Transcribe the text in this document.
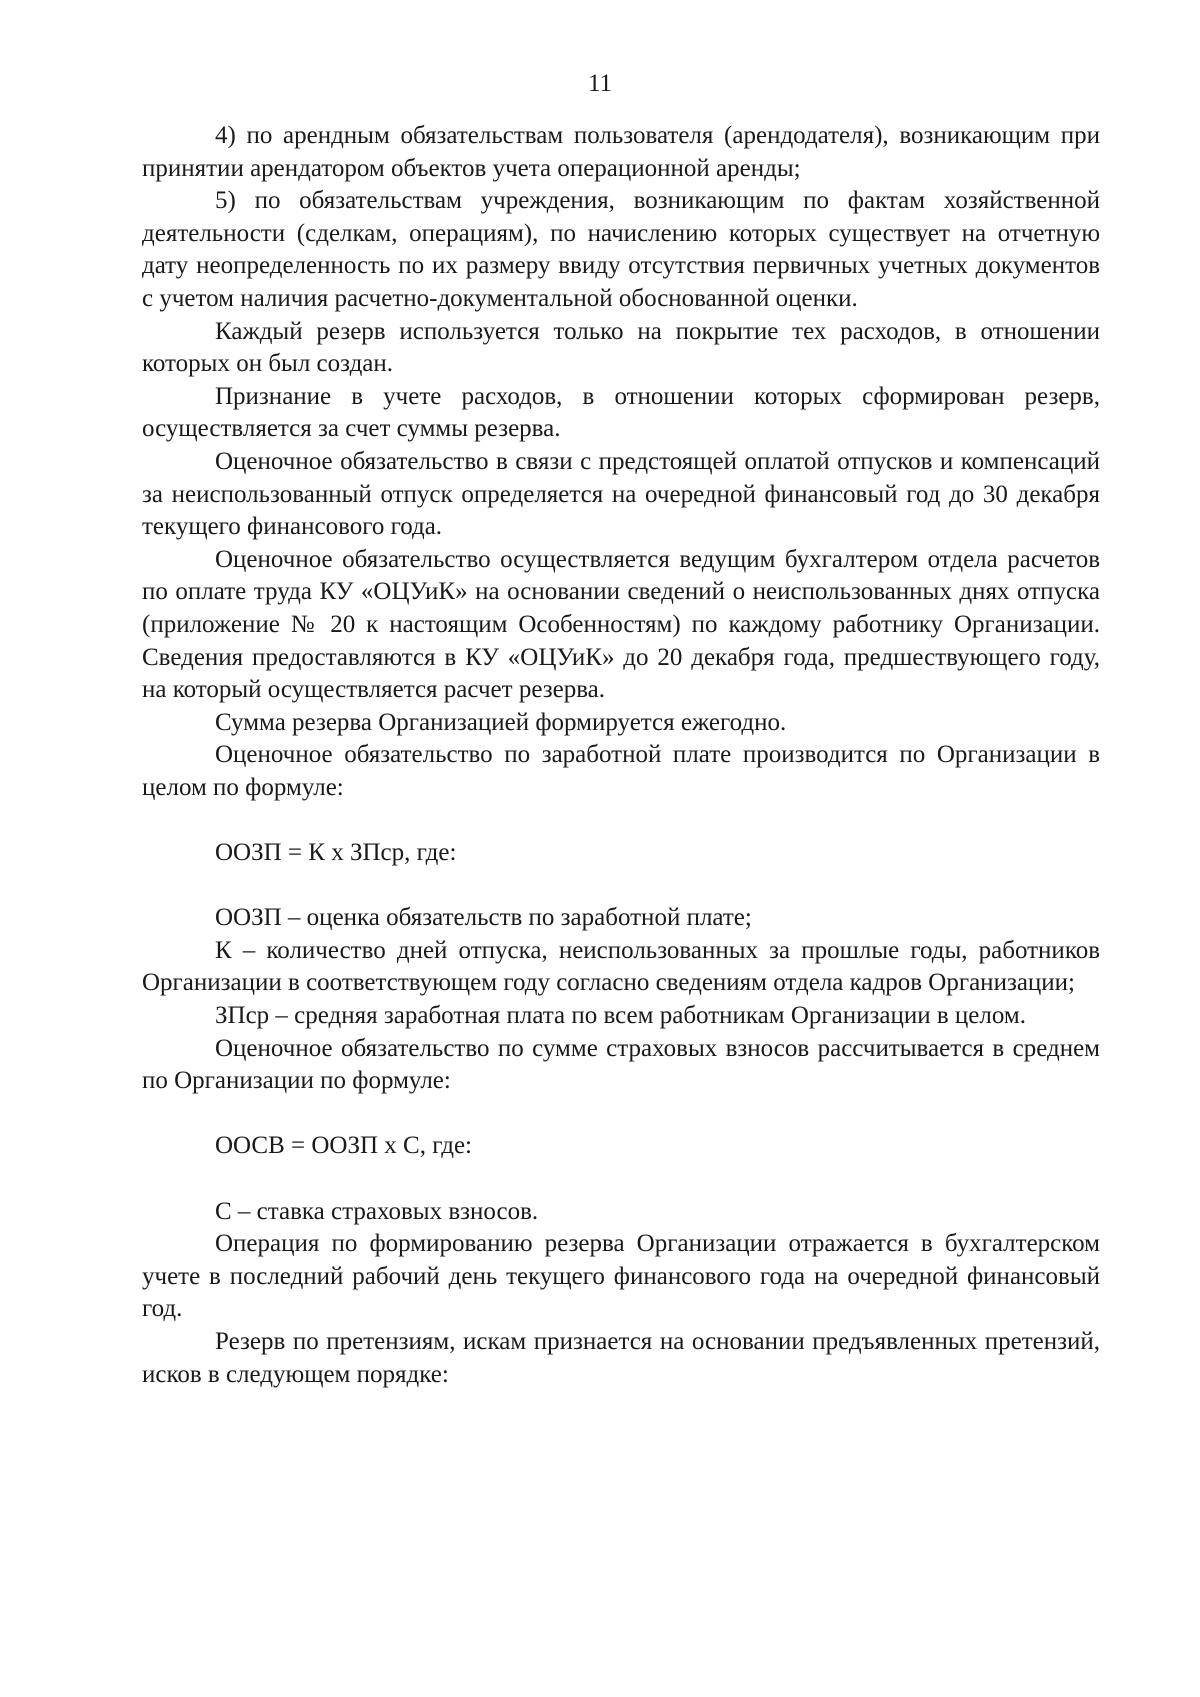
11

4) по арендным обязательствам пользователя (арендодателя), возникающим при принятии арендатором объектов учета операционной аренды;

5) по обязательствам учреждения, возникающим по фактам хозяйственной деятельности (сделкам, операциям), по начислению которых существует на отчетную дату неопределенность по их размеру ввиду отсутствия первичных учетных документов с учетом наличия расчетно-документальной обоснованной оценки.

Каждый резерв используется только на покрытие тех расходов, в отношении которых он был создан.

Признание в учете расходов, в отношении которых сформирован резерв, осуществляется за счет суммы резерва.

Оценочное обязательство в связи с предстоящей оплатой отпусков и компенсаций за неиспользованный отпуск определяется на очередной финансовый год до 30 декабря текущего финансового года.

Оценочное обязательство осуществляется ведущим бухгалтером отдела расчетов по оплате труда КУ «ОЦУиК» на основании сведений о неиспользованных днях отпуска (приложение № 20 к настоящим Особенностям) по каждому работнику Организации. Сведения предоставляются в КУ «ОЦУиК» до 20 декабря года, предшествующего году, на который осуществляется расчет резерва.

Сумма резерва Организацией формируется ежегодно.

Оценочное обязательство по заработной плате производится по Организации в целом по формуле:

ООЗП = К х ЗПср, где:

ООЗП – оценка обязательств по заработной плате;

К – количество дней отпуска, неиспользованных за прошлые годы, работников Организации в соответствующем году согласно сведениям отдела кадров Организации;

ЗПср – средняя заработная плата по всем работникам Организации в целом.

Оценочное обязательство по сумме страховых взносов рассчитывается в среднем по Организации по формуле:

ООСВ = ООЗП х С, где:

С – ставка страховых взносов.

Операция по формированию резерва Организации отражается в бухгалтерском учете в последний рабочий день текущего финансового года на очередной финансовый год.

Резерв по претензиям, искам признается на основании предъявленных претензий, исков в следующем порядке:
